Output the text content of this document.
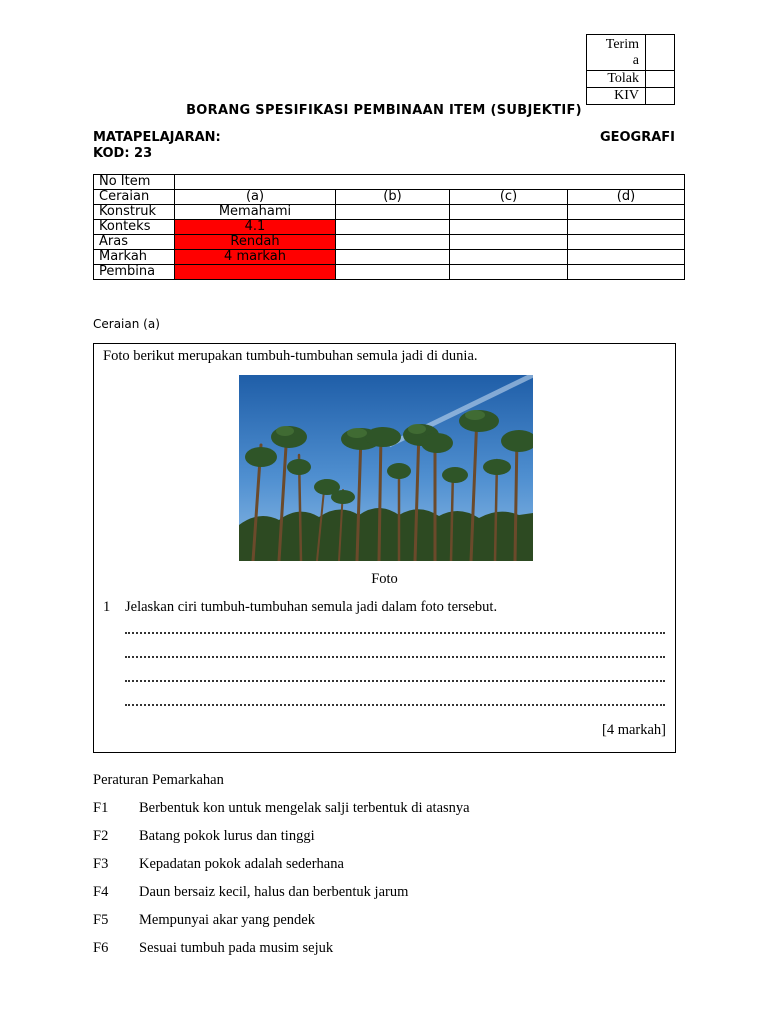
Terim
a	

Tolak	
KIV	
BORANG SPESIFIKASI PEMBINAAN ITEM (SUBJEKTIF)
MATA PELAJARAN :	GEOGRAFI
KOD: 23
No Item				
Ceraian	(a)	(b)	(c)	(d)
Konstruk	Memahami			
Konteks	4.1			
Aras	Rendah			
Markah	4 markah			
Pembina				
Ceraian (a)
Foto berikut merupakan tumbuh-tumbuhan semula jadi di dunia.
Foto
1 Jelaskan ciri tumbuh-tumbuhan semula jadi dalam foto tersebut.
[4 markah]
Peraturan Pemarkahan
F1	Berbentuk kon untuk mengelak salji terbentuk di atasnya
F2	Batang pokok lurus dan tinggi
F3	Kepadatan pokok adalah sederhana
F4	Daun bersaiz kecil, halus dan berbentuk jarum
F5	Mempunyai akar yang pendek
F6	Sesuai tumbuh pada musim sejuk
